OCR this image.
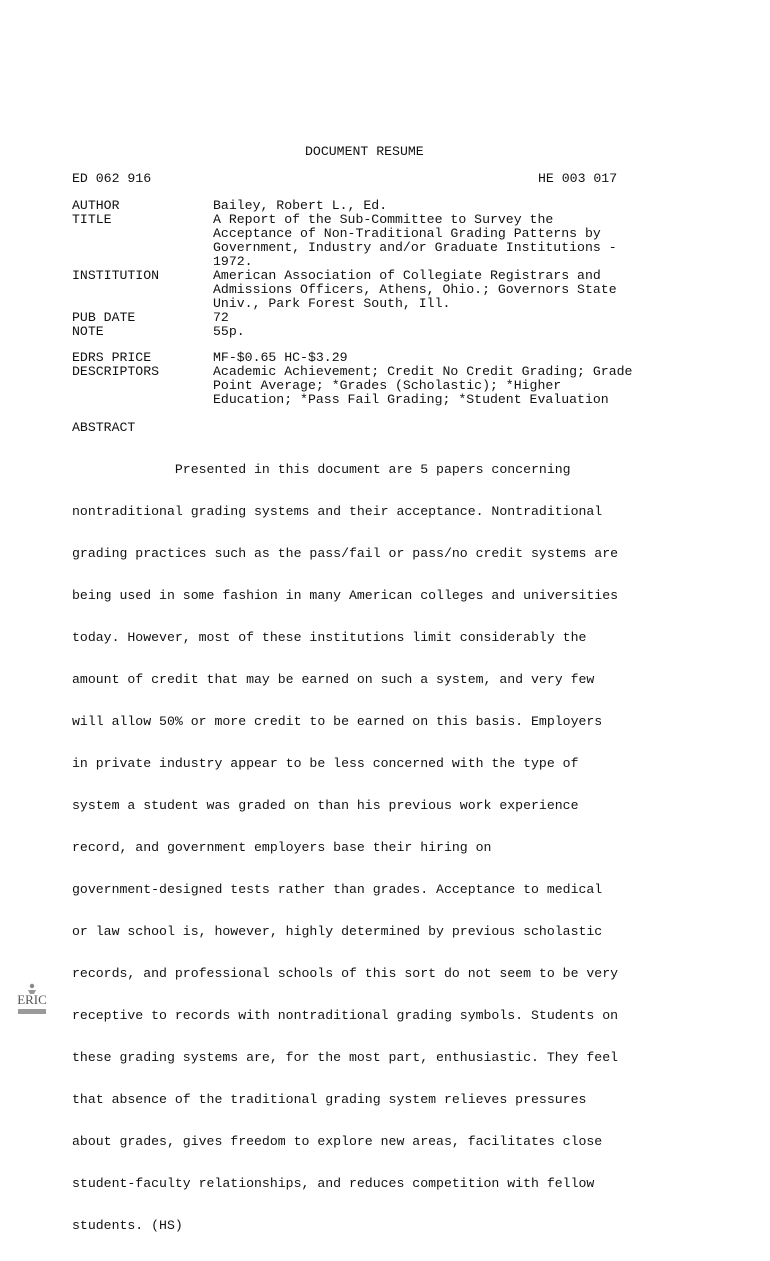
DOCUMENT RESUME

ED 062 916	HE 003 017

AUTHOR	Bailey, Robert L., Ed.

TITLE	A Report of the Sub-Committee to Survey the

Acceptance of Non-Traditional Grading Patterns by

Government, Industry and/or Graduate Institutions -

1972.

INSTITUTION	American Association of Collegiate Registrars and

Admissions Officers, Athens, Ohio.; Governors State

Univ., Park Forest South, Ill.

PUB DATE	72

NOTE	55p.

EDRS PRICE	MF-$0.65 HC-$3.29

DESCRIPTORS	Academic Achievement; Credit No Credit Grading; Grade

Point Average; *Grades (Scholastic); *Higher

Education; *Pass Fail Grading; *Student Evaluation

ABSTRACT

Presented in this document are 5 papers concerning

nontraditional grading systems and their acceptance. Nontraditional

grading practices such as the pass/fail or pass/no credit systems are

being used in some fashion in many American colleges and universities

today. However, most of these institutions limit considerably the

amount of credit that may be earned on such a system, and very few

will allow 50% or more credit to be earned on this basis. Employers

in private industry appear to be less concerned with the type of

system a student was graded on than his previous work experience

record, and government employers base their hiring on

government-designed tests rather than grades. Acceptance to medical

or law school is, however, highly determined by previous scholastic

records, and professional schools of this sort do not seem to be very

receptive to records with nontraditional grading symbols. Students on

these grading systems are, for the most part, enthusiastic. They feel

that absence of the traditional grading system relieves pressures

about grades, gives freedom to explore new areas, facilitates close

student-faculty relationships, and reduces competition with fellow

students. (HS)

ERIC
